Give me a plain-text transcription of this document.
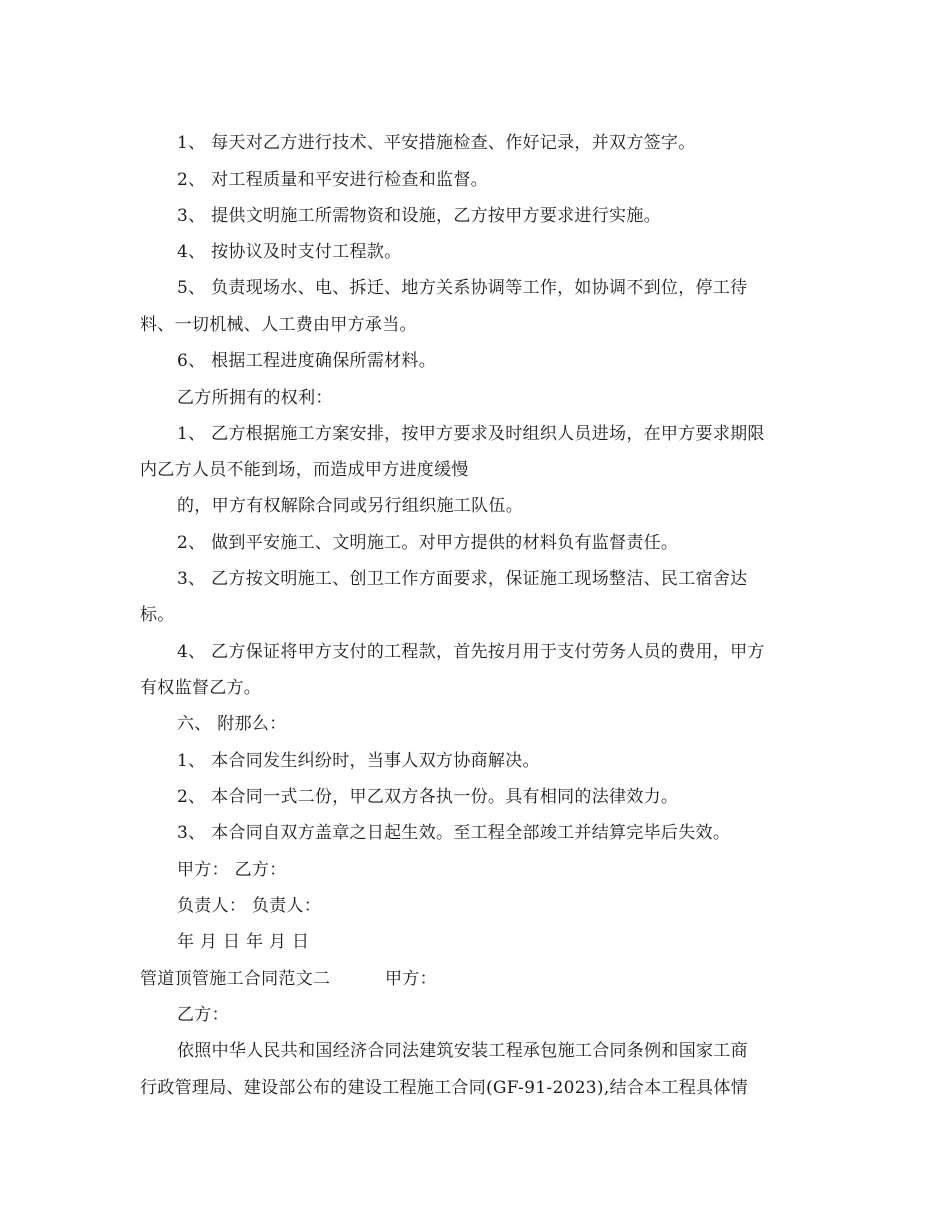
1、 每天对乙方进行技术、平安措施检查、作好记录，并双方签字。
2、 对工程质量和平安进行检查和监督。
3、 提供文明施工所需物资和设施，乙方按甲方要求进行实施。
4、 按协议及时支付工程款。
5、 负责现场水、电、拆迁、地方关系协调等工作，如协调不到位，停工待
料、一切机械、人工费由甲方承当。
6、 根据工程进度确保所需材料。
乙方所拥有的权利：
1、 乙方根据施工方案安排，按甲方要求及时组织人员进场，在甲方要求期限
内乙方人员不能到场，而造成甲方进度缓慢
的，甲方有权解除合同或另行组织施工队伍。
2、 做到平安施工、文明施工。对甲方提供的材料负有监督责任。
3、 乙方按文明施工、创卫工作方面要求，保证施工现场整洁、民工宿舍达
标。
4、 乙方保证将甲方支付的工程款，首先按月用于支付劳务人员的费用，甲方
有权监督乙方。
六、 附那么：
1、 本合同发生纠纷时，当事人双方协商解决。
2、 本合同一式二份，甲乙双方各执一份。具有相同的法律效力。
3、 本合同自双方盖章之日起生效。至工程全部竣工并结算完毕后失效。
甲方： 乙方：
负责人： 负责人：
年 月 日 年 月 日
管道顶管施工合同范文二	甲方：
乙方：
依照中华人民共和国经济合同法建筑安装工程承包施工合同条例和国家工商
行政管理局、建设部公布的建设工程施工合同(GF-91-2023),结合本工程具体情
